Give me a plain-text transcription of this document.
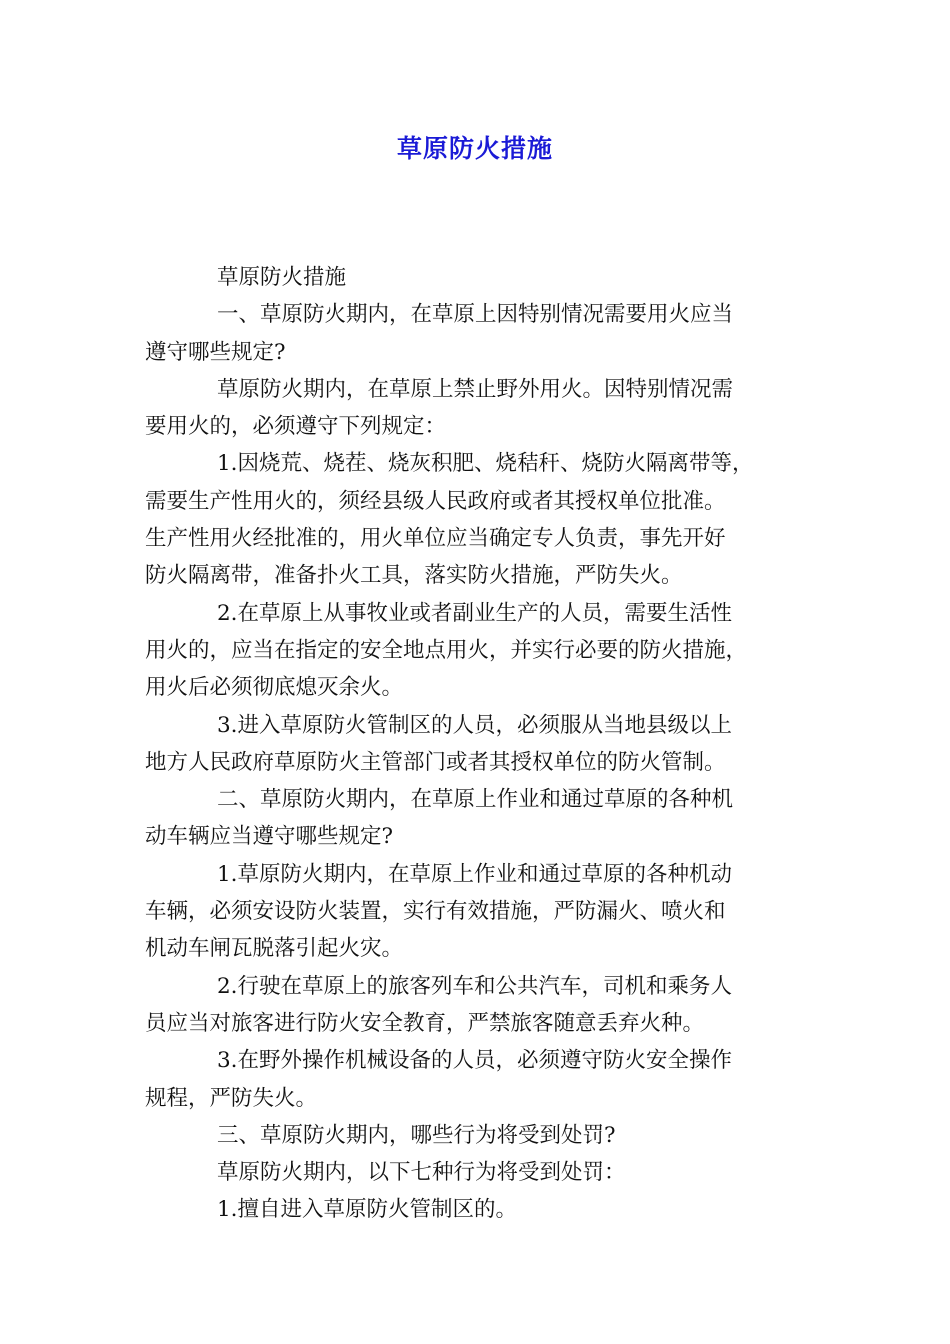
草原防火措施
草原防火措施
一、草原防火期内，在草原上因特别情况需要用火应当
遵守哪些规定?
草原防火期内，在草原上禁止野外用火。因特别情况需
要用火的，必须遵守下列规定：
1.因烧荒、烧茬、烧灰积肥、烧秸秆、烧防火隔离带等，
需要生产性用火的，须经县级人民政府或者其授权单位批准。
生产性用火经批准的，用火单位应当确定专人负责，事先开好
防火隔离带，准备扑火工具，落实防火措施，严防失火。
2.在草原上从事牧业或者副业生产的人员，需要生活性
用火的，应当在指定的安全地点用火，并实行必要的防火措施，
用火后必须彻底熄灭余火。
3.进入草原防火管制区的人员，必须服从当地县级以上
地方人民政府草原防火主管部门或者其授权单位的防火管制。
二、草原防火期内，在草原上作业和通过草原的各种机
动车辆应当遵守哪些规定?
1.草原防火期内，在草原上作业和通过草原的各种机动
车辆，必须安设防火装置，实行有效措施，严防漏火、喷火和
机动车闸瓦脱落引起火灾。
2.行驶在草原上的旅客列车和公共汽车，司机和乘务人
员应当对旅客进行防火安全教育，严禁旅客随意丢弃火种。
3.在野外操作机械设备的人员，必须遵守防火安全操作
规程，严防失火。
三、草原防火期内，哪些行为将受到处罚?
草原防火期内，以下七种行为将受到处罚：
1.擅自进入草原防火管制区的。
